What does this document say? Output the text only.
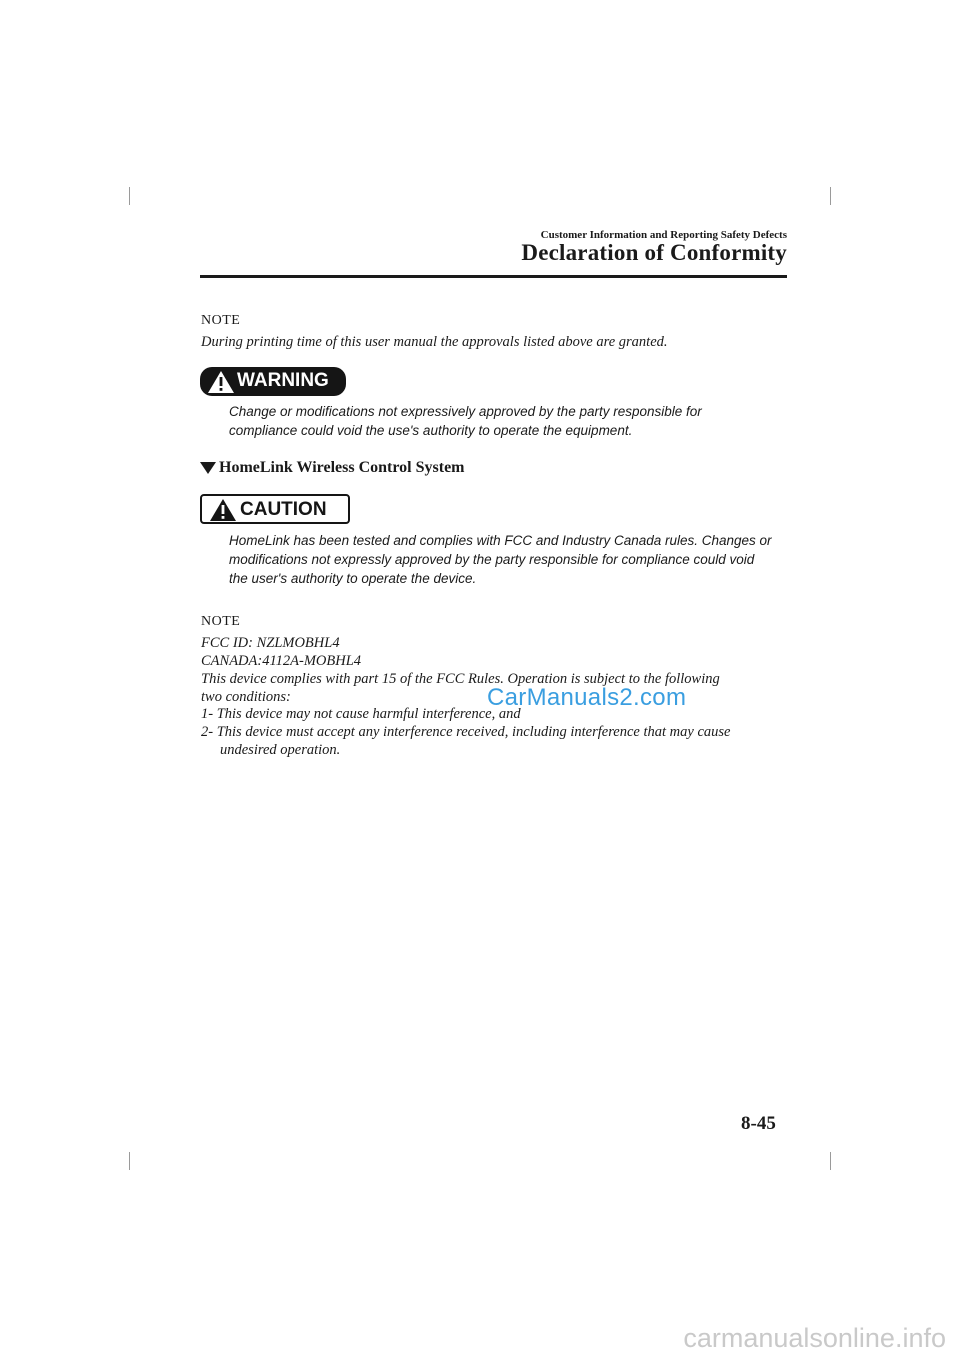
Customer Information and Reporting Safety Defects
Declaration of Conformity
NOTE
During printing time of this user manual the approvals listed above are granted.
WARNING
Change or modifications not expressively approved by the party responsible for
compliance could void the use's authority to operate the equipment.
HomeLink Wireless Control System
CAUTION
HomeLink has been tested and complies with FCC and Industry Canada rules. Changes or
modifications not expressly approved by the party responsible for compliance could void
the user's authority to operate the device.
NOTE
FCC ID: NZLMOBHL4
CANADA:4112A-MOBHL4
This device complies with part 15 of the FCC Rules. Operation is subject to the following
two conditions:
1- This device may not cause harmful interference, and
2- This device must accept any interference received, including interference that may cause
undesired operation.
CarManuals2.com
8-45
carmanualsonline.info
